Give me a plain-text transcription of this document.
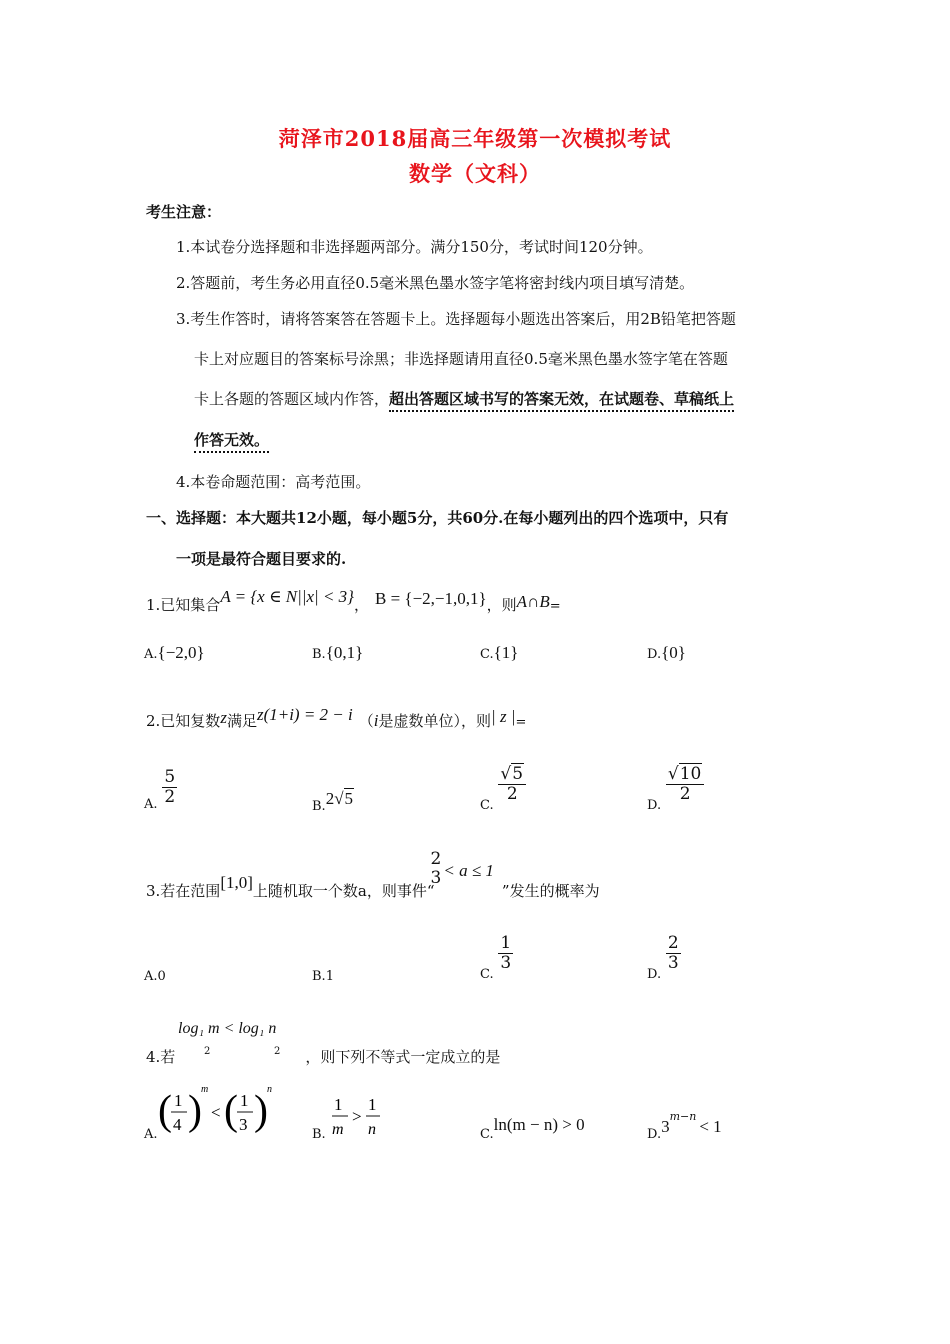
菏泽市2018届高三年级第一次模拟考试
数学（文科）
考生注意：
1.本试卷分选择题和非选择题两部分。满分150分，考试时间120分钟。
2.答题前，考生务必用直径0.5毫米黑色墨水签字笔将密封线内项目填写清楚。
3.考生作答时，请将答案答在答题卡上。选择题每小题选出答案后，用2B铅笔把答题
卡上对应题目的答案标号涂黑；非选择题请用直径0.5毫米黑色墨水签字笔在答题
卡上各题的答题区域内作答，超出答题区域书写的答案无效，在试题卷、草稿纸上
作答无效。
4.本卷命题范围：高考范围。
一、选择题：本大题共12小题，每小题5分，共60分.在每小题列出的四个选项中，只有
一项是最符合题目要求的.
1.已知集合A = {x ∈ N||x| < 3}， B = {−2,−1,0,1}，则A∩B=
A.{−2,0}	B.{0,1}	C.{1}	D.{0}
2.已知复数z满足z(1+i) = 2 − i （i是虚数单位），则| z |=
A. $\frac{5}{2}$
B.2√5	C.
$\frac{√5}{2}$
D.
$\frac{√10}{2}$
3.若在范围[1,0]上随机取一个数a，则事件“
2
3 < a ≤ 1”发生的概率为
A.0	B.1	C.
$\frac{1}{3}$
D.
$\frac{2}{3}$
log₁ m < log₁ n
2	2
4.若	，则下列不等式一定成立的是
A.
( 1
4 ) m
< ( 1
3 ) n
B.
1
m
>
1
n	C.ln(m − n) > 0
$D.3^{m-n}< 1$
